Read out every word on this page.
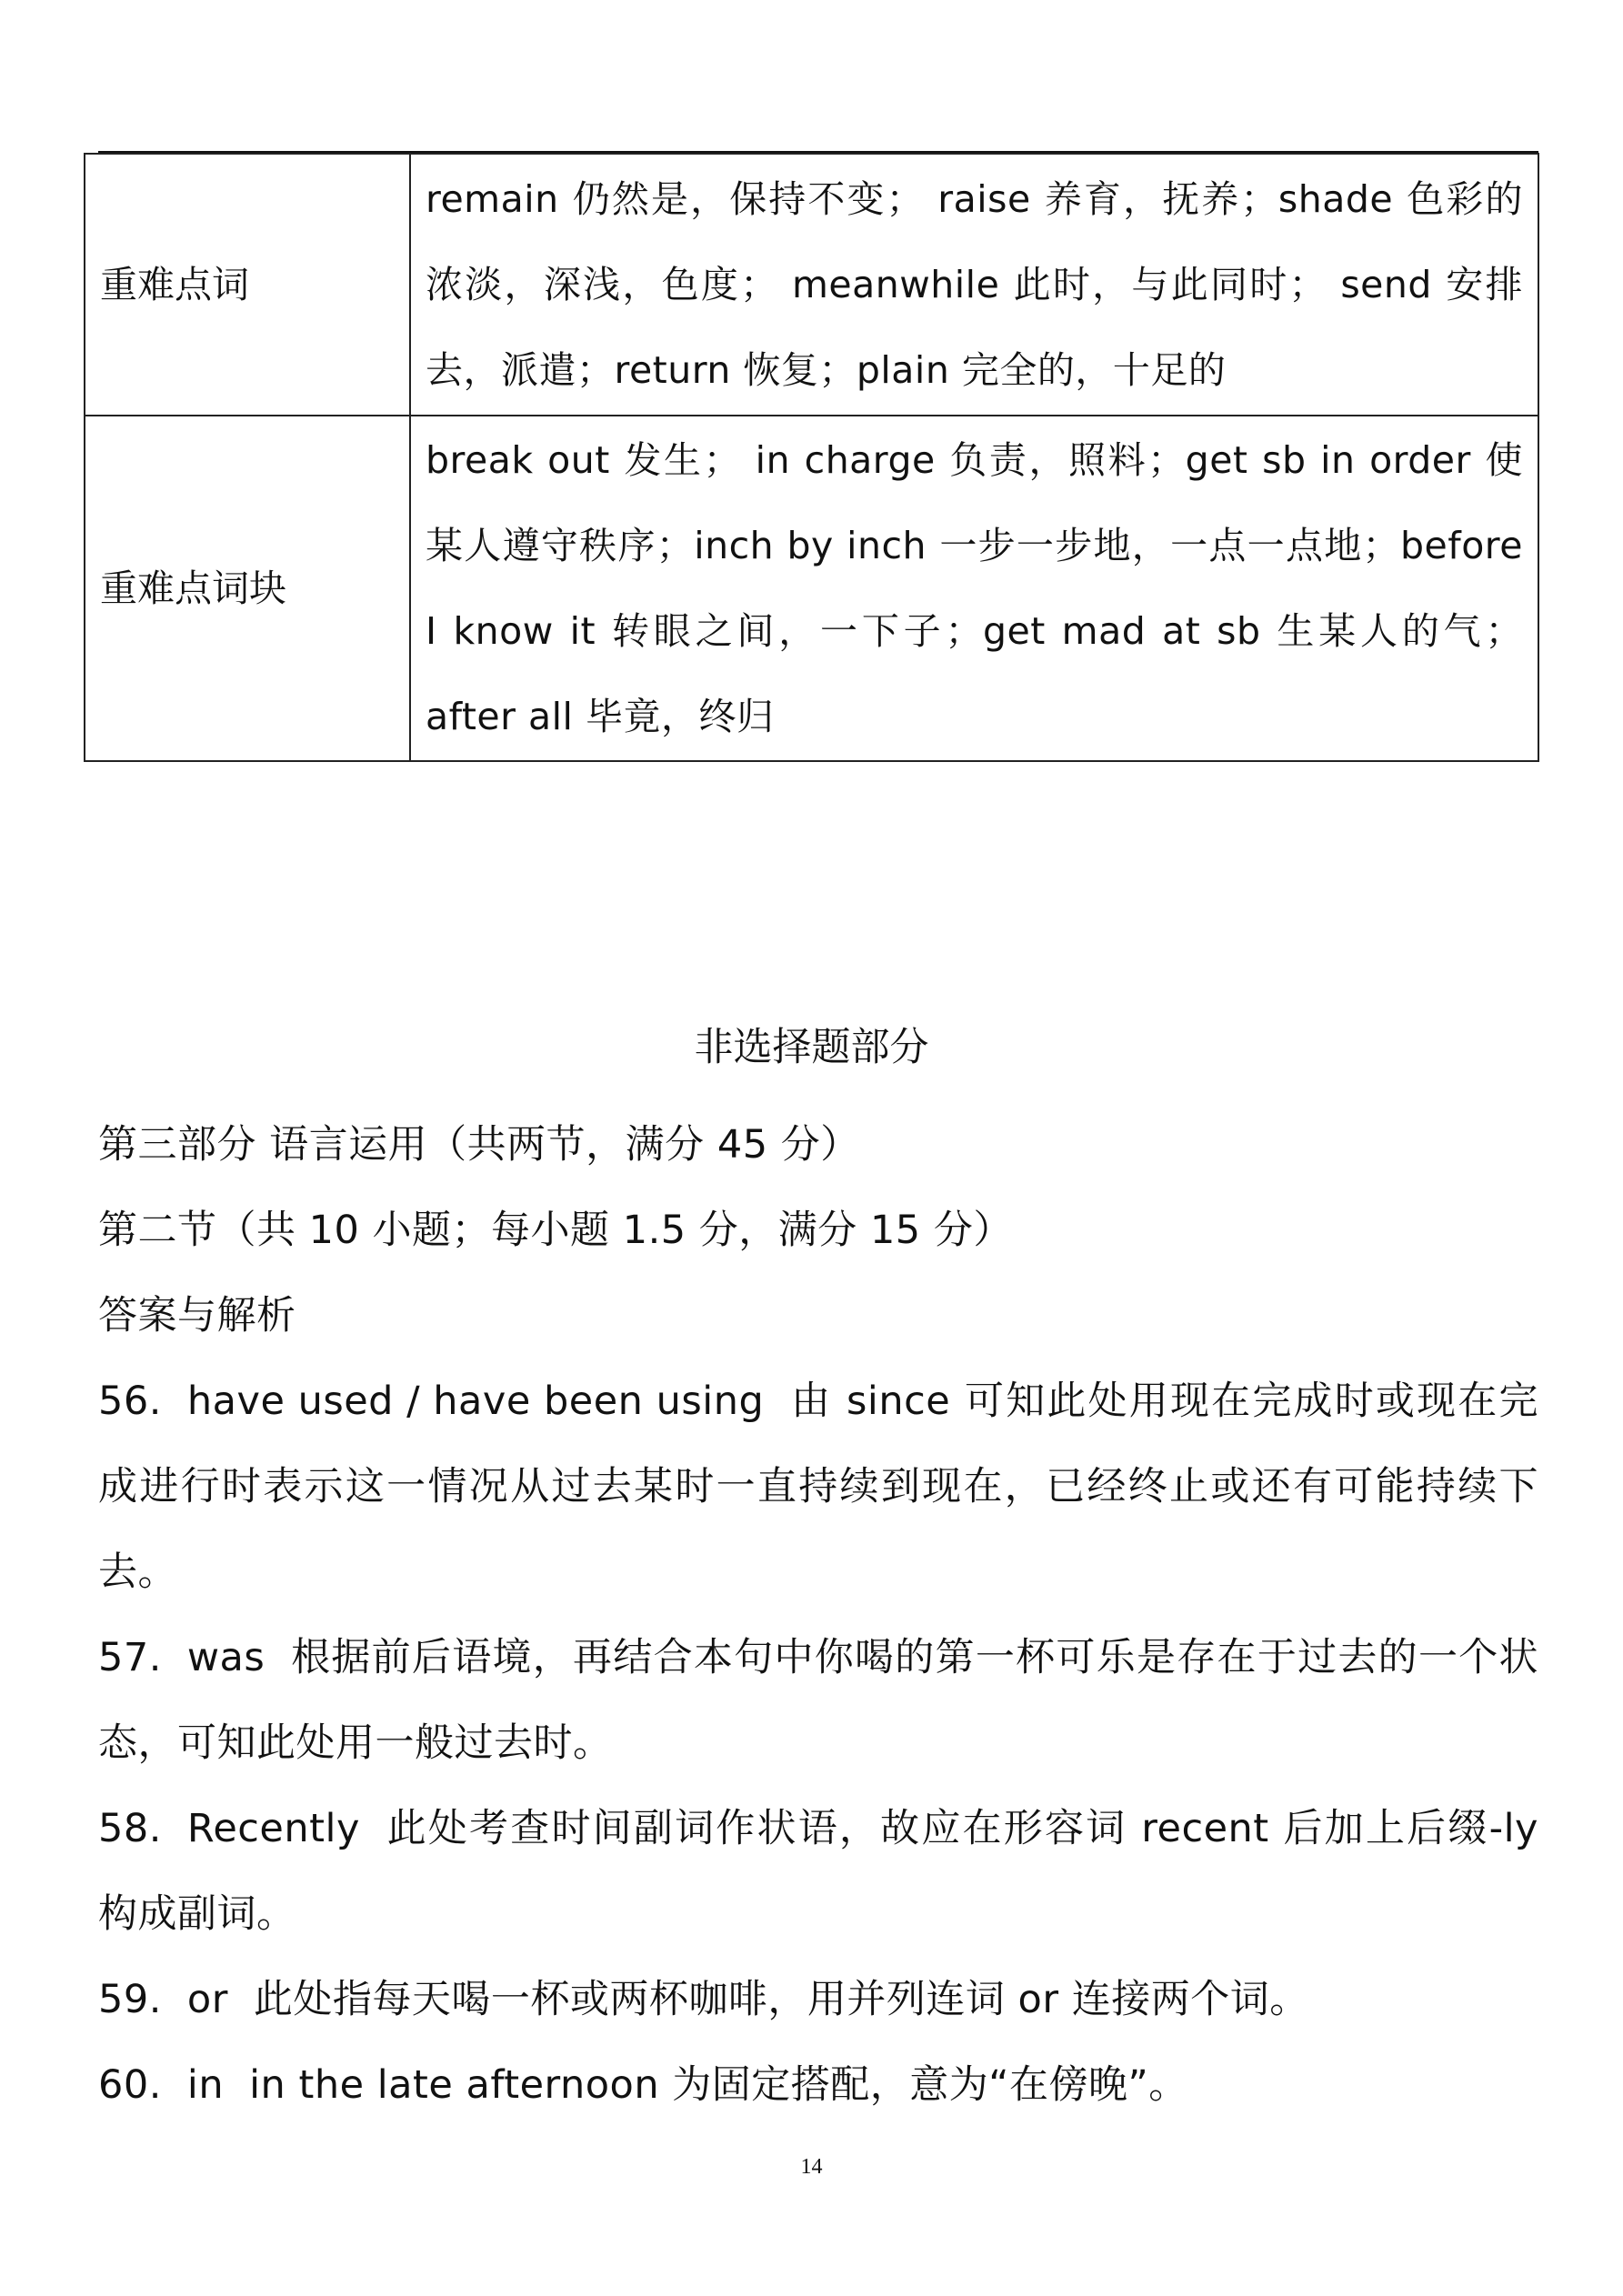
重难点词	remain 仍然是，保持不变； raise 养育，抚养；shade 色彩的浓淡，深浅，色度； meanwhile 此时，与此同时； send 安排去，派遣；return 恢复；plain 完全的，十足的
重难点词块	break out 发生； in charge 负责，照料；get sb in order 使某人遵守秩序；inch by inch 一步一步地，一点一点地；before I know it 转眼之间，一下子；get mad at sb 生某人的气；after all 毕竟，终归
非选择题部分
第三部分 语言运用（共两节，满分 45 分）
第二节（共 10 小题；每小题 1.5 分，满分 15 分）
答案与解析
56. have used / have been using 由 since 可知此处用现在完成时或现在完成进行时表示这一情况从过去某时一直持续到现在，已经终止或还有可能持续下去。
57. was 根据前后语境，再结合本句中你喝的第一杯可乐是存在于过去的一个状态，可知此处用一般过去时。
58. Recently 此处考查时间副词作状语，故应在形容词 recent 后加上后缀-ly 构成副词。
59. or 此处指每天喝一杯或两杯咖啡，用并列连词 or 连接两个词。
60. in in the late afternoon 为固定搭配，意为“在傍晚”。
14
